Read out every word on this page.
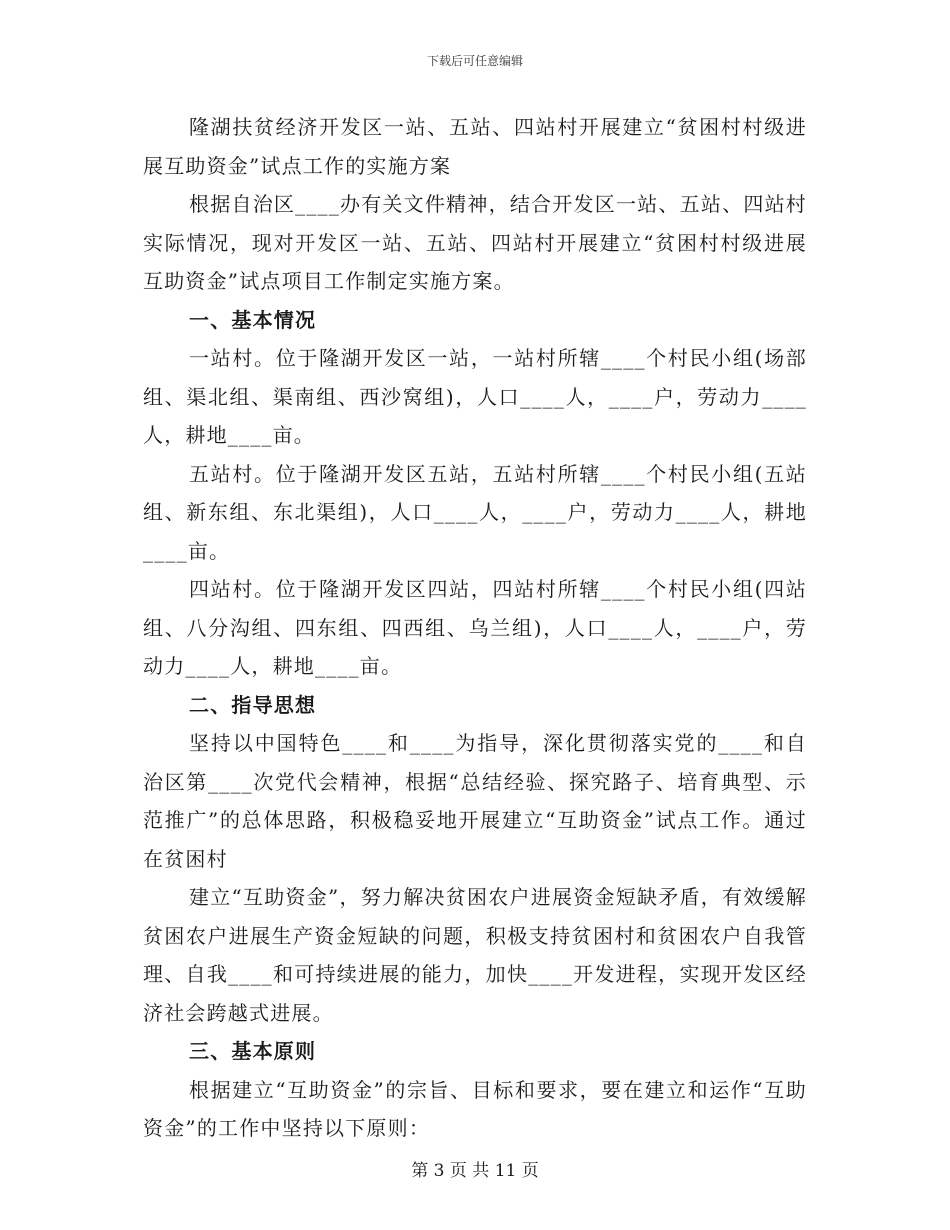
下载后可任意编辑

隆湖扶贫经济开发区一站、五站、四站村开展建立“贫困村村级进展互助资金”试点工作的实施方案

根据自治区____办有关文件精神，结合开发区一站、五站、四站村实际情况，现对开发区一站、五站、四站村开展建立“贫困村村级进展互助资金”试点项目工作制定实施方案。

一、基本情况

一站村。位于隆湖开发区一站，一站村所辖____个村民小组(场部组、渠北组、渠南组、西沙窝组)，人口____人，____户，劳动力____人，耕地____亩。

五站村。位于隆湖开发区五站，五站村所辖____个村民小组(五站组、新东组、东北渠组)，人口____人，____户，劳动力____人，耕地____亩。

四站村。位于隆湖开发区四站，四站村所辖____个村民小组(四站组、八分沟组、四东组、四西组、乌兰组)，人口____人，____户，劳动力____人，耕地____亩。

二、指导思想

坚持以中国特色____和____为指导，深化贯彻落实党的____和自治区第____次党代会精神，根据“总结经验、探究路子、培育典型、示范推广”的总体思路，积极稳妥地开展建立“互助资金”试点工作。通过在贫困村

建立“互助资金”，努力解决贫困农户进展资金短缺矛盾，有效缓解贫困农户进展生产资金短缺的问题，积极支持贫困村和贫困农户自我管理、自我____和可持续进展的能力，加快____开发进程，实现开发区经济社会跨越式进展。

三、基本原则

根据建立“互助资金”的宗旨、目标和要求，要在建立和运作“互助资金”的工作中坚持以下原则：

第 3 页 共 11 页
